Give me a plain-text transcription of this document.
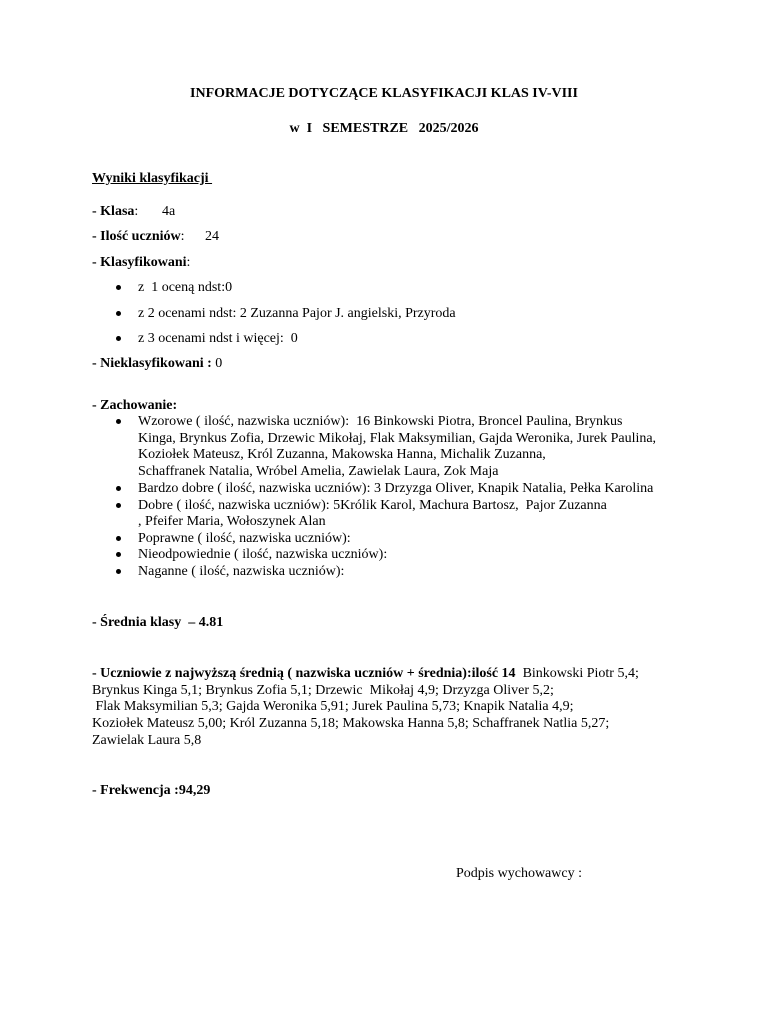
INFORMACJE DOTYCZĄCE KLASYFIKACJI KLAS IV-VIII
w  I   SEMESTRZE   2025/2026
Wyniki klasyfikacji
- Klasa: 4a
- Ilość uczniów: 24
- Klasyfikowani:
z  1 oceną ndst:0
z 2 ocenami ndst: 2 Zuzanna Pajor J. angielski, Przyroda
z 3 ocenami ndst i więcej:  0
- Nieklasyfikowani : 0
- Zachowanie:
Wzorowe ( ilość, nazwiska uczniów):  16 Binkowski Piotra, Broncel Paulina, Brynkus
Kinga, Brynkus Zofia, Drzewic Mikołaj, Flak Maksymilian, Gajda Weronika, Jurek Paulina,
Koziołek Mateusz, Król Zuzanna, Makowska Hanna, Michalik Zuzanna,
Schaffranek Natalia, Wróbel Amelia, Zawielak Laura, Zok Maja
Bardzo dobre ( ilość, nazwiska uczniów): 3 Drzyzga Oliver, Knapik Natalia, Pełka Karolina
Dobre ( ilość, nazwiska uczniów): 5Królik Karol, Machura Bartosz,  Pajor Zuzanna
, Pfeifer Maria, Wołoszynek Alan
Poprawne ( ilość, nazwiska uczniów):
Nieodpowiednie ( ilość, nazwiska uczniów):
Naganne ( ilość, nazwiska uczniów):
- Średnia klasy  – 4.81
- Uczniowie z najwyższą średnią ( nazwiska uczniów + średnia):ilość 14  Binkowski Piotr 5,4;
Brynkus Kinga 5,1; Brynkus Zofia 5,1; Drzewic  Mikołaj 4,9; Drzyzga Oliver 5,2;
Flak Maksymilian 5,3; Gajda Weronika 5,91; Jurek Paulina 5,73; Knapik Natalia 4,9;
Koziołek Mateusz 5,00; Król Zuzanna 5,18; Makowska Hanna 5,8; Schaffranek Natlia 5,27;
Zawielak Laura 5,8
- Frekwencja :94,29
Podpis wychowawcy :
